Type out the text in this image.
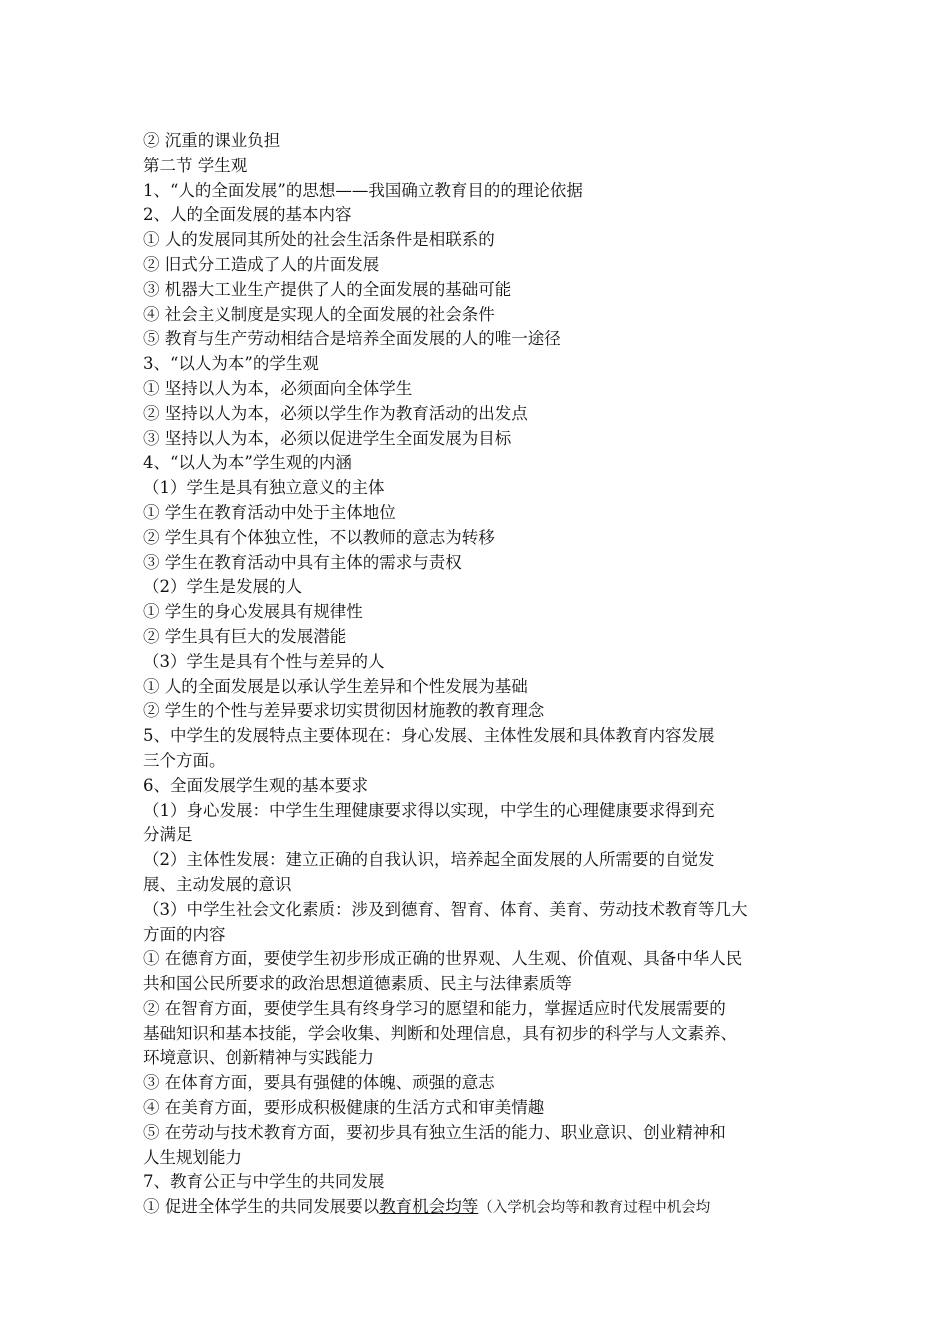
② 沉重的课业负担
第二节 学生观
1、“人的全面发展”的思想——我国确立教育目的的理论依据
2、人的全面发展的基本内容
① 人的发展同其所处的社会生活条件是相联系的
② 旧式分工造成了人的片面发展
③ 机器大工业生产提供了人的全面发展的基础可能
④ 社会主义制度是实现人的全面发展的社会条件
⑤ 教育与生产劳动相结合是培养全面发展的人的唯一途径
3、“以人为本”的学生观
① 坚持以人为本，必须面向全体学生
② 坚持以人为本，必须以学生作为教育活动的出发点
③ 坚持以人为本，必须以促进学生全面发展为目标
4、“以人为本”学生观的内涵
（1）学生是具有独立意义的主体
① 学生在教育活动中处于主体地位
② 学生具有个体独立性，不以教师的意志为转移
③ 学生在教育活动中具有主体的需求与责权
（2）学生是发展的人
① 学生的身心发展具有规律性
② 学生具有巨大的发展潜能
（3）学生是具有个性与差异的人
① 人的全面发展是以承认学生差异和个性发展为基础
② 学生的个性与差异要求切实贯彻因材施教的教育理念
5、中学生的发展特点主要体现在：身心发展、主体性发展和具体教育内容发展
三个方面。
6、全面发展学生观的基本要求
（1）身心发展：中学生生理健康要求得以实现，中学生的心理健康要求得到充
分满足
（2）主体性发展：建立正确的自我认识，培养起全面发展的人所需要的自觉发
展、主动发展的意识
（3）中学生社会文化素质：涉及到德育、智育、体育、美育、劳动技术教育等几大
方面的内容
① 在德育方面，要使学生初步形成正确的世界观、人生观、价值观、具备中华人民
共和国公民所要求的政治思想道德素质、民主与法律素质等
② 在智育方面，要使学生具有终身学习的愿望和能力，掌握适应时代发展需要的
基础知识和基本技能，学会收集、判断和处理信息，具有初步的科学与人文素养、
环境意识、创新精神与实践能力
③ 在体育方面，要具有强健的体魄、顽强的意志
④ 在美育方面，要形成积极健康的生活方式和审美情趣
⑤ 在劳动与技术教育方面，要初步具有独立生活的能力、职业意识、创业精神和
人生规划能力
7、教育公正与中学生的共同发展
① 促进全体学生的共同发展要以教育机会均等（入学机会均等和教育过程中机会均
